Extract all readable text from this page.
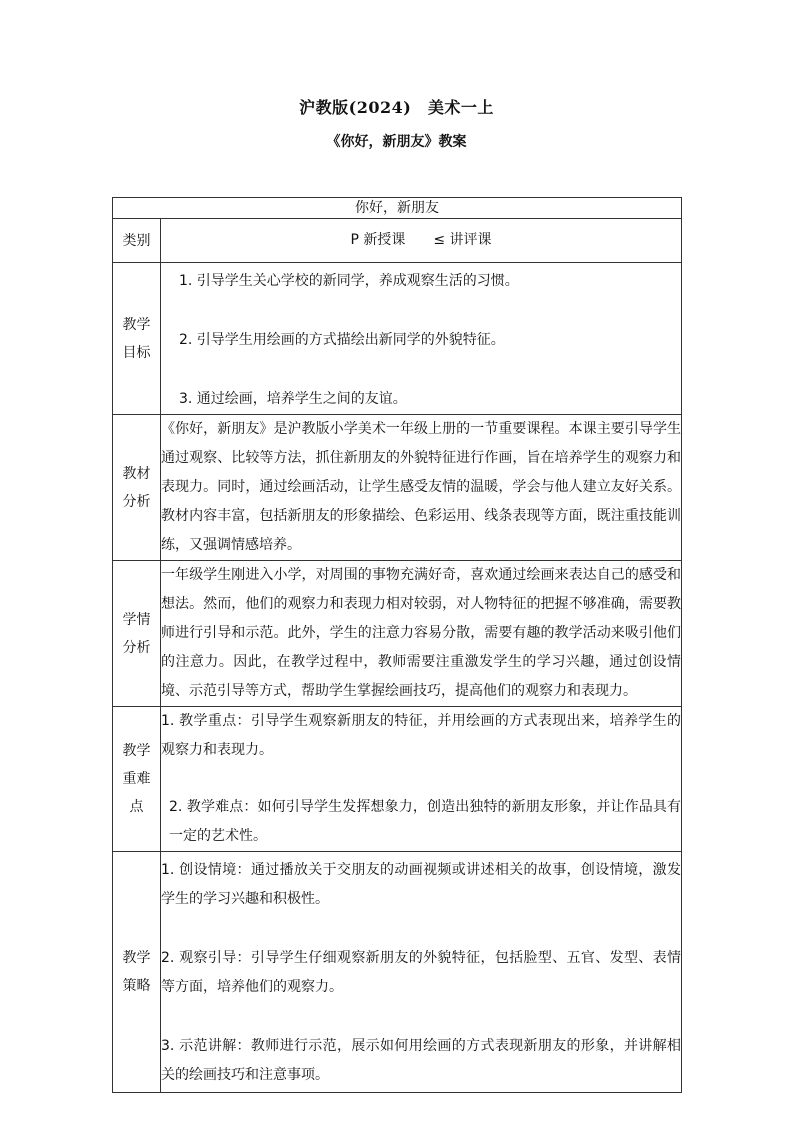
沪教版(2024)　美术一上
《你好，新朋友》教案
你好，新朋友	
类别	P 新授课 ≤ 讲评课

教学
目标	1. 引导学生关心学校的新同学，养成观察生活的习惯。
2. 引导学生用绘画的方式描绘出新同学的外貌特征。
3. 通过绘画，培养学生之间的友谊。

教材
分析	《你好，新朋友》是沪教版小学美术一年级上册的一节重要课程。本课主要引导学生通过观察、比较等方法，抓住新朋友的外貌特征进行作画，旨在培养学生的观察力和表现力。同时，通过绘画活动，让学生感受友情的温暖，学会与他人建立友好关系。教材内容丰富，包括新朋友的形象描绘、色彩运用、线条表现等方面，既注重技能训练，又强调情感培养。

学情
分析	一年级学生刚进入小学，对周围的事物充满好奇，喜欢通过绘画来表达自己的感受和想法。然而，他们的观察力和表现力相对较弱，对人物特征的把握不够准确，需要教师进行引导和示范。此外，学生的注意力容易分散，需要有趣的教学活动来吸引他们的注意力。因此，在教学过程中，教师需要注重激发学生的学习兴趣，通过创设情境、示范引导等方式，帮助学生掌握绘画技巧，提高他们的观察力和表现力。

教学
重难
点	1. 教学重点：引导学生观察新朋友的特征，并用绘画的方式表现出来，培养学生的观察力和表现力。
2. 教学难点：如何引导学生发挥想象力，创造出独特的新朋友形象，并让作品具有一定的艺术性。

教学
策略	1. 创设情境：通过播放关于交朋友的动画视频或讲述相关的故事，创设情境，激发学生的学习兴趣和积极性。
2. 观察引导：引导学生仔细观察新朋友的外貌特征，包括脸型、五官、发型、表情等方面，培养他们的观察力。
3. 示范讲解：教师进行示范，展示如何用绘画的方式表现新朋友的形象，并讲解相关的绘画技巧和注意事项。
